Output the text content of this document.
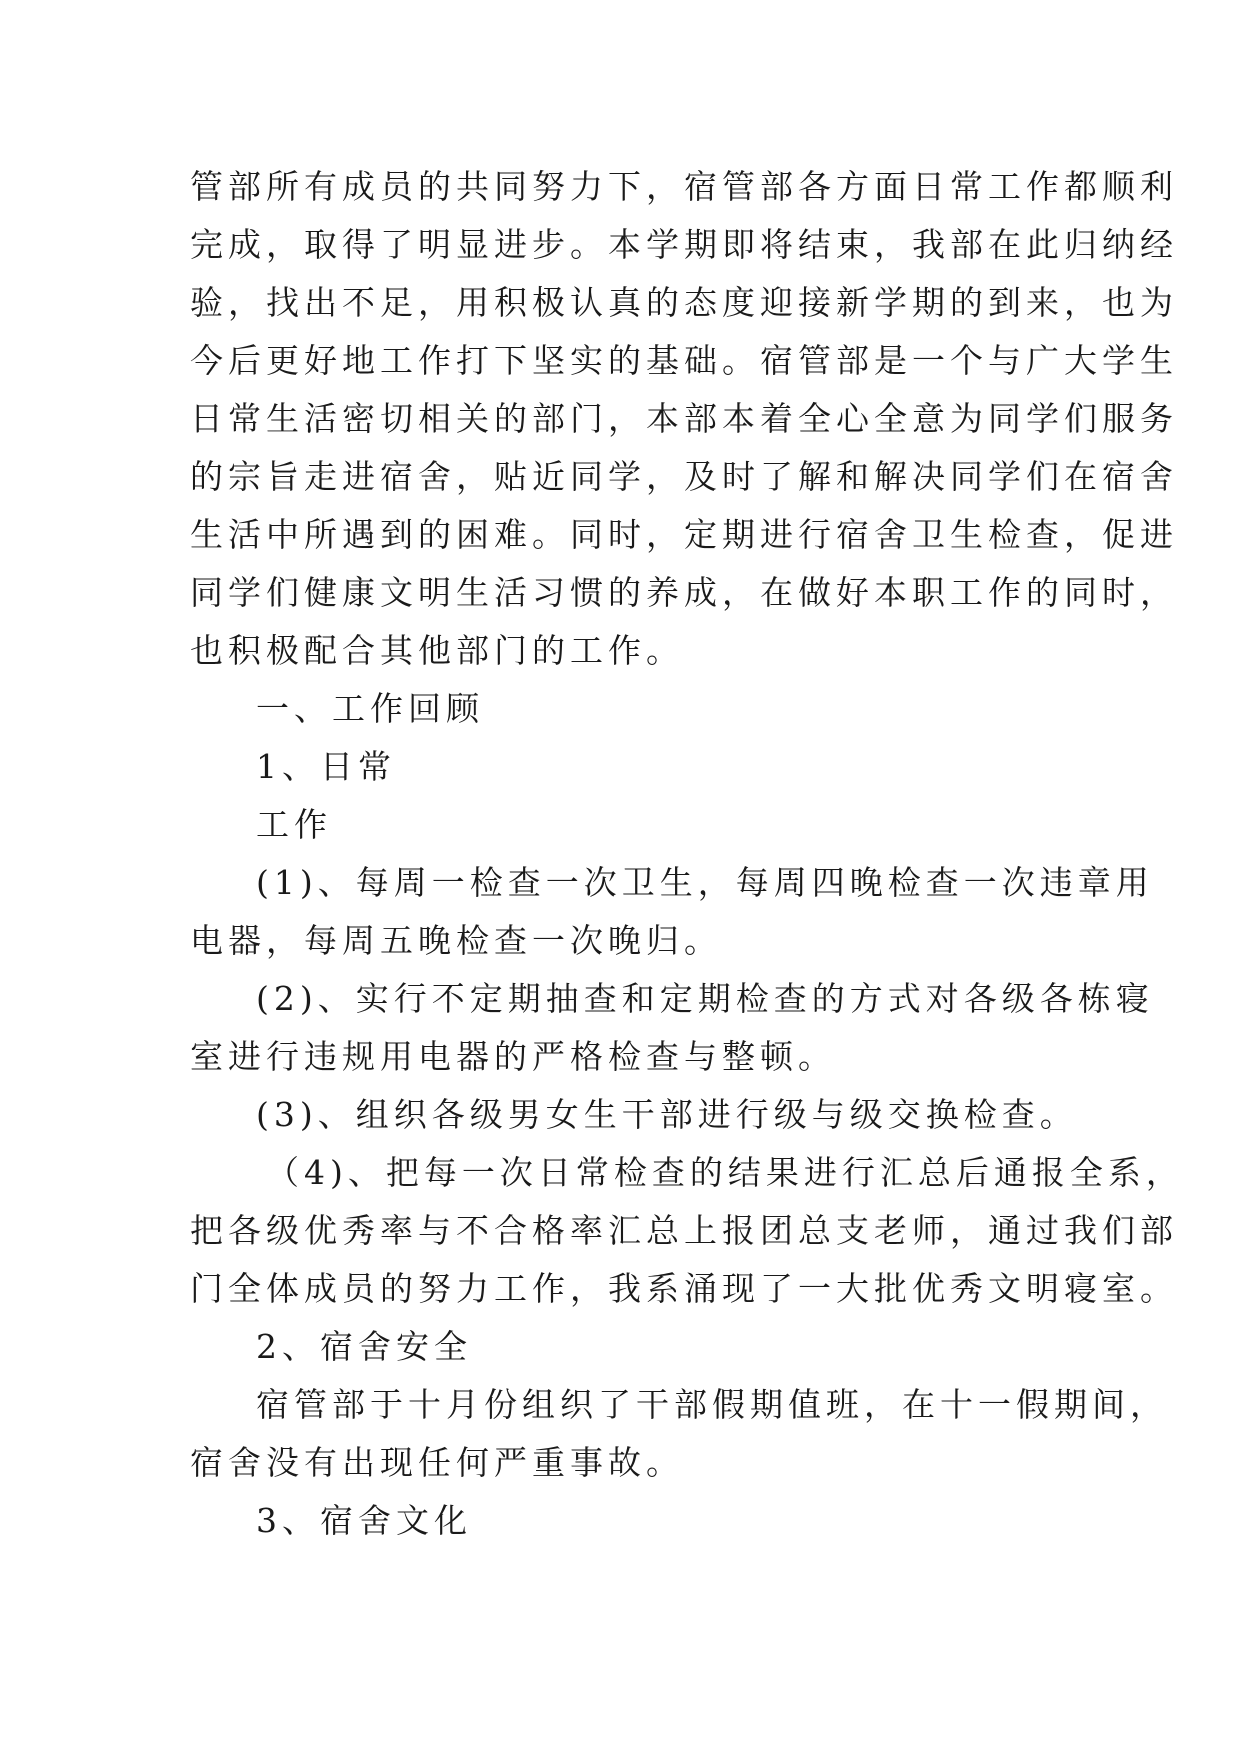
管部所有成员的共同努力下，宿管部各方面日常工作都顺利
完成，取得了明显进步。本学期即将结束，我部在此归纳经
验，找出不足，用积极认真的态度迎接新学期的到来，也为
今后更好地工作打下坚实的基础。宿管部是一个与广大学生
日常生活密切相关的部门，本部本着全心全意为同学们服务
的宗旨走进宿舍，贴近同学，及时了解和解决同学们在宿舍
生活中所遇到的困难。同时，定期进行宿舍卫生检查，促进
同学们健康文明生活习惯的养成，在做好本职工作的同时，
也积极配合其他部门的工作。
一、工作回顾
1、日常
工作
(1)、每周一检查一次卫生，每周四晚检查一次违章用
电器，每周五晚检查一次晚归。
(2)、实行不定期抽查和定期检查的方式对各级各栋寝
室进行违规用电器的严格检查与整顿。
(3)、组织各级男女生干部进行级与级交换检查。
（4)、把每一次日常检查的结果进行汇总后通报全系，
把各级优秀率与不合格率汇总上报团总支老师，通过我们部
门全体成员的努力工作，我系涌现了一大批优秀文明寝室。
2、宿舍安全
宿管部于十月份组织了干部假期值班，在十一假期间，
宿舍没有出现任何严重事故。
3、宿舍文化
